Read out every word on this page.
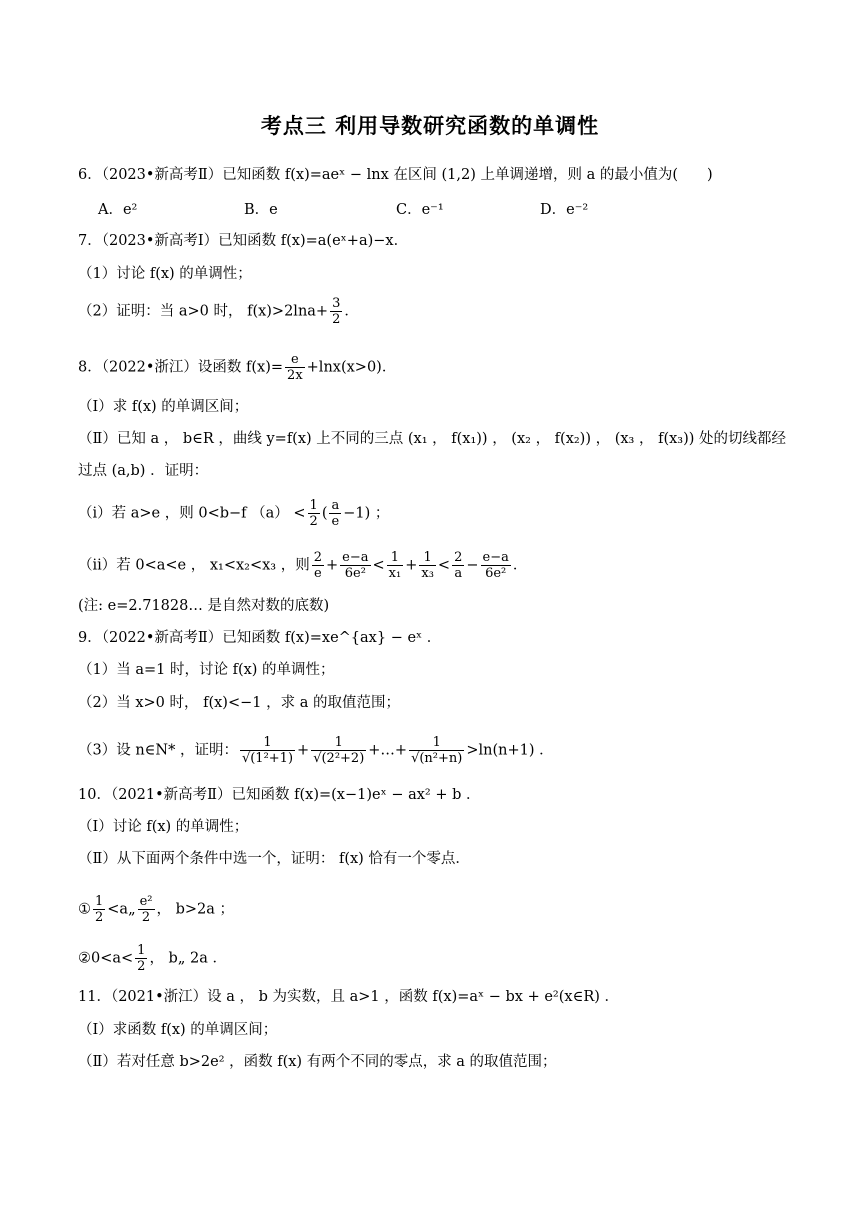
考点三 利用导数研究函数的单调性
6．（2023•新高考Ⅱ）已知函数 f(x)=aeˣ − lnx 在区间 (1,2) 上单调递增，则 a 的最小值为(　　)
A．e²	B．e	C．e⁻¹	D．e⁻²
7．（2023•新高考Ⅰ）已知函数 f(x)=a(eˣ+a)−x．
（1）讨论 f(x) 的单调性；
（2）证明：当 a>0 时， $f(x)>2\ln a+ \frac{3}{2}$ ．
8．（2022•浙江）设函数 $f(x)= \frac{e}{2x} +\ln x(x>0)$．
（Ⅰ）求 f(x) 的单调区间；
（Ⅱ）已知 a ， b∈R ，曲线 y=f(x) 上不同的三点 (x₁ ， f(x₁)) ， (x₂ ， f(x₂)) ， (x₃ ， f(x₃)) 处的切线都经
过点 (a,b) ．证明：
（ⅰ）若 a>e ，则 0<b−f $(a) < \frac{1}{2}$ ( $\frac{a}{e} -1$) ；
（ⅱ）若 0<a<e ， x₁<x₂<x₃ ，则 $\frac{2}{e} + \frac{e-a}{\text{6e²}} < \frac{1}{\text{x₁}} + \frac{1}{\text{x₃}} < \frac{2}{a} - \frac{e-a}{\text{6e²}}$ ．
(注: e=2.71828… 是自然对数的底数)
9．（2022•新高考Ⅱ）已知函数 f(x)=xe^{ax} − eˣ ．
（1）当 a=1 时，讨论 f(x) 的单调性；
（2）当 x>0 时， f(x)<−1 ，求 a 的取值范围；
（3）设 n∈N* ，证明： $\frac{1}{\text{√(1²+1)}} + \frac{1}{\text{√(2²+2)}}$ +…+ $\frac{1}{\text{√(n²+n)}} >\ln(n+1)$ ．
10．（2021•新高考Ⅱ）已知函数 f(x)=(x−1)eˣ − ax² + b ．
（Ⅰ）讨论 f(x) 的单调性；
（Ⅱ）从下面两个条件中选一个，证明： f(x) 恰有一个零点．
① $\frac{1}{2}$ <a„ $\frac{\text{e²}}{2}$ ， b>2a ；
②0<a< $\frac{1}{2}$ ， b„ 2a ．
11．（2021•浙江）设 a ， b 为实数，且 a>1 ，函数 f(x)=aˣ − bx + e²(x∈R) ．
（Ⅰ）求函数 f(x) 的单调区间；
（Ⅱ）若对任意 b>2e² ，函数 f(x) 有两个不同的零点，求 a 的取值范围；
